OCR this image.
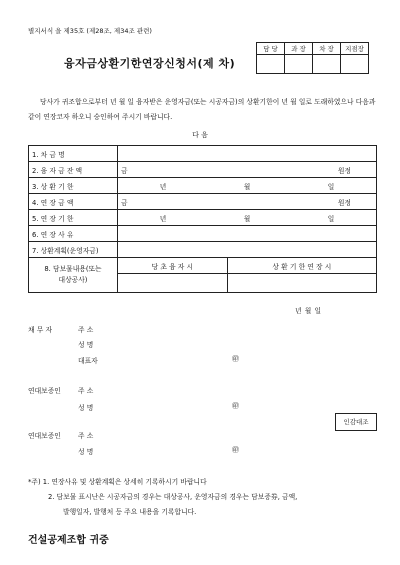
별지서식 을 제35호 (제28조, 제34조 관련)
담 당	과 장	차 장	지점장

융자금상환기한연장신청서(제 차)
당사가 귀조합으로부터 년 월 일 융자받은 운영자금(또는 시공자금)의 상환기한이 년 월 일로 도래하였으나 다음과 같이 연장코자 하오니 승인하여 주시기 바랍니다.
다 음
1. 차 금 명		
2. 융 자 금 잔 액	금 원정	

3. 상 환 기 한	년 월 일	

4. 연 장 금 액	금 원정	

5. 연 장 기 한	년 월 일	

6. 연 장 사 유		
7. 상환계획(운영자금)		

8. 담보물내용(또는
대상공사)	당 초 융 자 시	상 환 기 한 연 장 시

년 월 일
채 무 자	주 소
성 명
대표자	㊞
연대보증인	주 소
성 명	㊞
인감대조
연대보증인	주 소
성 명	㊞
*주) 1. 연장사유 및 상환계획은 상세히 기록하시기 바랍니다
2. 담보물 표시난은 시공자금의 경우는 대상공사, 운영자금의 경우는 담보증券, 금액,
발행일자, 발행처 등 주요 내용을 기록합니다.
건설공제조합 귀중
